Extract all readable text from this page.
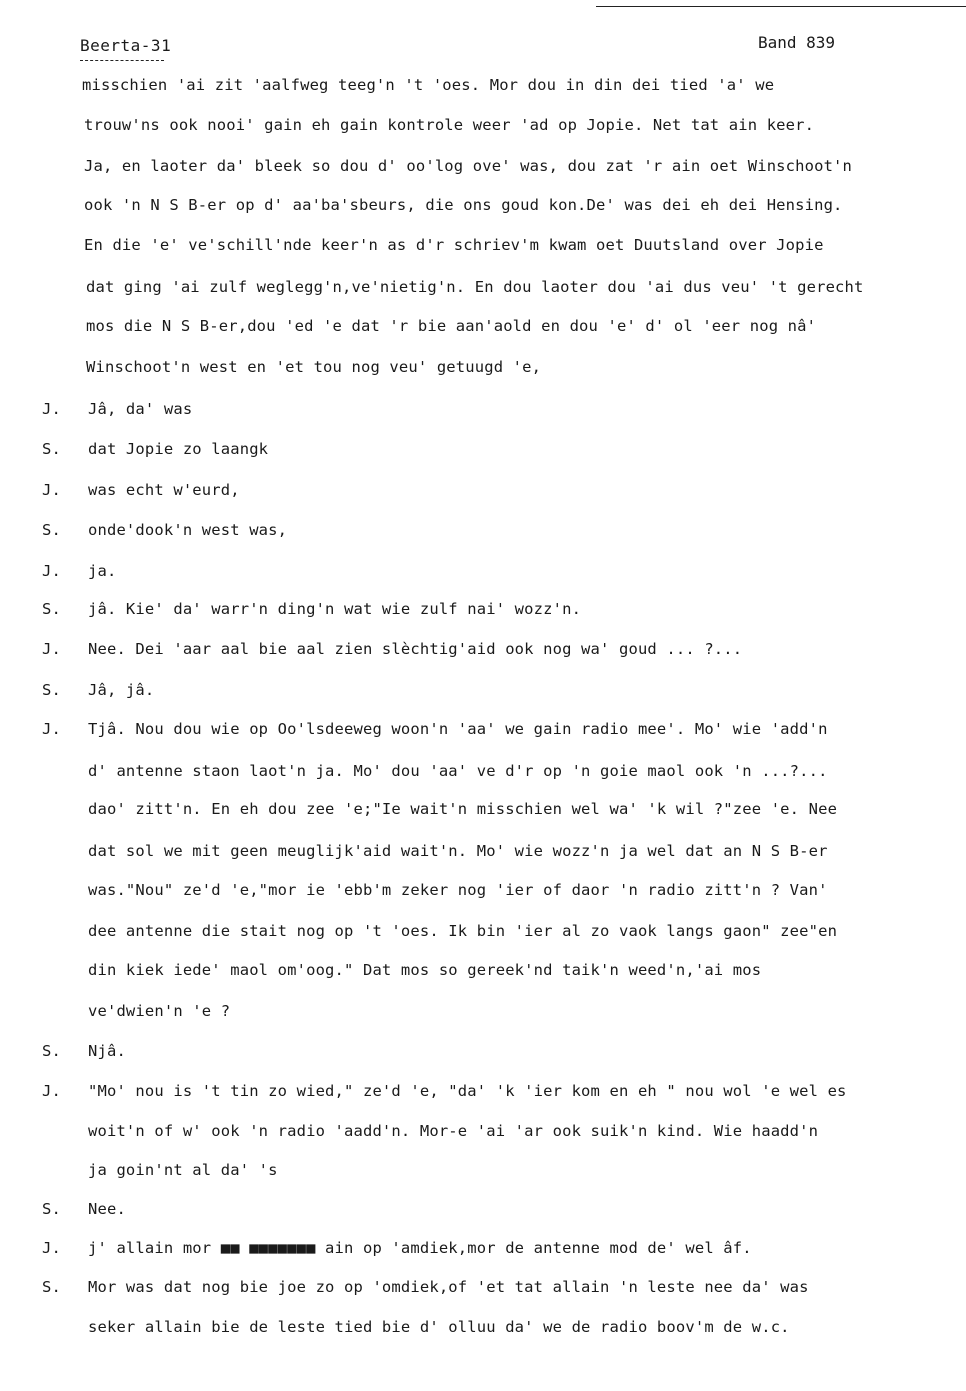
Beerta-31	Band 839
misschien 'ai zit 'aalfweg teeg'n 't 'oes. Mor dou in din dei tied 'a' we
trouw'ns ook nooi' gain eh gain kontrole weer 'ad op Jopie. Net tat ain keer.
Ja, en laoter da' bleek so dou d' oo'log ove' was, dou zat 'r ain oet Winschoot'n
ook 'n N S B-er op d' aa'ba'sbeurs, die ons goud kon.De' was dei eh dei Hensing.
En die 'e' ve'schill'nde keer'n as d'r schriev'm kwam oet Duutsland over Jopie
dat ging 'ai zulf weglegg'n,ve'nietig'n. En dou laoter dou 'ai dus veu' 't gerecht
mos die N S B-er,dou 'ed 'e dat 'r bie aan'aold en dou 'e' d' ol 'eer nog nâ'
Winschoot'n west en 'et tou nog veu' getuugd 'e,
J.	Jâ, da' was
S.	dat Jopie zo laangk
J.	was echt w'eurd,
S.	onde'dook'n west was,
J.	ja.
S.	jâ. Kie' da' warr'n ding'n wat wie zulf nai' wozz'n.
J.	Nee. Dei 'aar aal bie aal zien slèchtig'aid ook nog wa' goud ... ?...
S.	Jâ, jâ.
J.	Tjâ. Nou dou wie op Oo'lsdeeweg woon'n 'aa' we gain radio mee'. Mo' wie 'add'n
d' antenne staon laot'n ja. Mo' dou 'aa' ve d'r op 'n goie maol ook 'n ...?...
dao' zitt'n. En eh dou zee 'e;"Ie wait'n misschien wel wa' 'k wil ?"zee 'e. Nee
dat sol we mit geen meuglijk'aid wait'n. Mo' wie wozz'n ja wel dat an N S B-er
was."Nou" ze'd 'e,"mor ie 'ebb'm zeker nog 'ier of daor 'n radio zitt'n ? Van'
dee antenne die stait nog op 't 'oes. Ik bin 'ier al zo vaok langs gaon" zee"en
din kiek iede' maol om'oog." Dat mos so gereek'nd taik'n weed'n,'ai mos
ve'dwien'n 'e ?
S.	Njâ.
J.	"Mo' nou is 't tin zo wied," ze'd 'e, "da' 'k 'ier kom en eh " nou wol 'e wel es
woit'n of w' ook 'n radio 'aadd'n. Mor-e 'ai 'ar ook suik'n kind. Wie haadd'n
ja goin'nt al da' 's
S.	Nee.
J.	j' allain mor ■■ ■■■■■■■ ain op 'amdiek,mor de antenne mod de' wel âf.
S.	Mor was dat nog bie joe zo op 'omdiek,of 'et tat allain 'n leste nee da' was
seker allain bie de leste tied bie d' olluu da' we de radio boov'm de w.c.
